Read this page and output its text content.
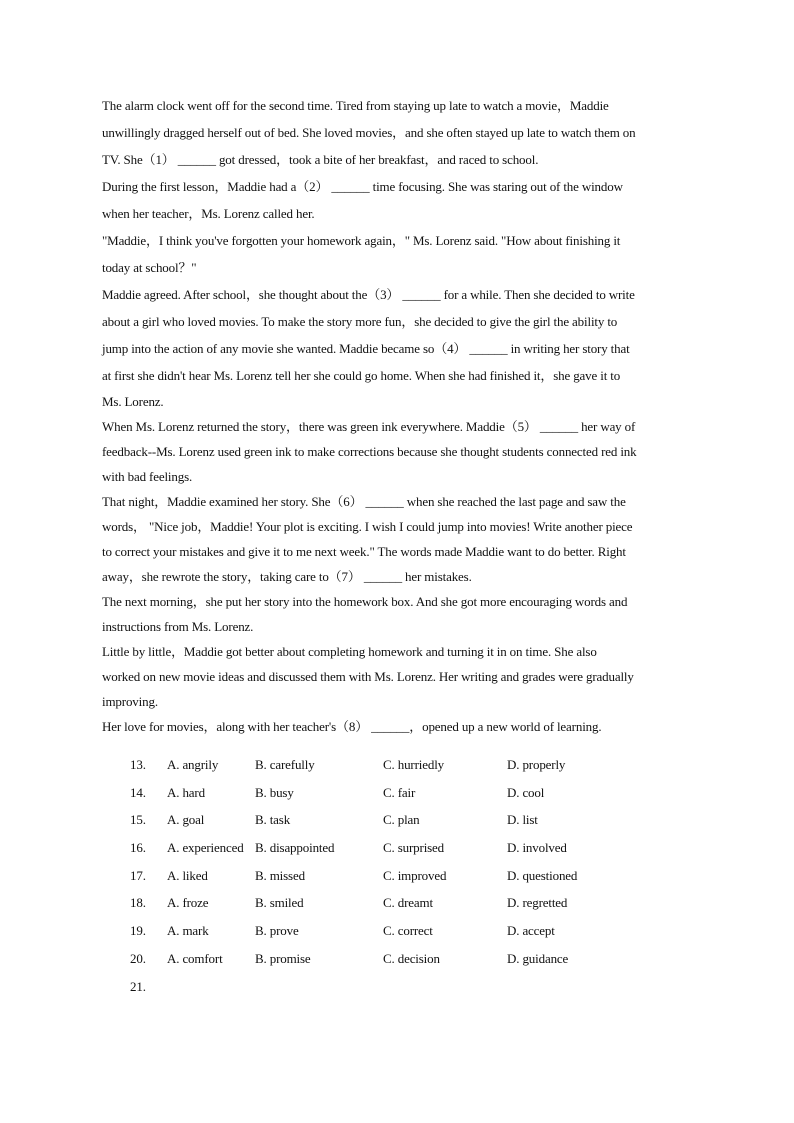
The alarm clock went off for the second time. Tired from staying up late to watch a movie，Maddie
unwillingly dragged herself out of bed. She loved movies，and she often stayed up late to watch them on
TV. She（1） ______ got dressed，took a bite of her breakfast，and raced to school.
During the first lesson，Maddie had a（2） ______ time focusing. She was staring out of the window
when her teacher，Ms. Lorenz called her.
"Maddie，I think you've forgotten your homework again，" Ms. Lorenz said. "How about finishing it
today at school？"
Maddie agreed. After school，she thought about the（3） ______ for a while. Then she decided to write
about a girl who loved movies. To make the story more fun，she decided to give the girl the ability to
jump into the action of any movie she wanted. Maddie became so（4） ______ in writing her story that
at first she didn't hear Ms. Lorenz tell her she could go home. When she had finished it，she gave it to
Ms. Lorenz.
When Ms. Lorenz returned the story，there was green ink everywhere. Maddie（5） ______ her way of
feedback--Ms. Lorenz used green ink to make corrections because she thought students connected red ink
with bad feelings.
That night，Maddie examined her story. She（6） ______ when she reached the last page and saw the
words， "Nice job，Maddie! Your plot is exciting. I wish I could jump into movies! Write another piece
to correct your mistakes and give it to me next week." The words made Maddie want to do better. Right
away，she rewrote the story，taking care to（7） ______ her mistakes.
The next morning，she put her story into the homework box. And she got more encouraging words and
instructions from Ms. Lorenz.
Little by little，Maddie got better about completing homework and turning it in on time. She also
worked on new movie ideas and discussed them with Ms. Lorenz. Her writing and grades were gradually
improving.
Her love for movies，along with her teacher's（8） ______，opened up a new world of learning.
13. A. angrily	B. carefully	C. hurriedly	D. properly
14. A. hard	B. busy	C. fair	D. cool
15. A. goal	B. task	C. plan	D. list
16. A. experienced B. disappointed	C. surprised	D. involved
17. A. liked	B. missed	C. improved	D. questioned
18. A. froze	B. smiled	C. dreamt	D. regretted
19. A. mark	B. prove	C. correct	D. accept
20. A. comfort B. promise	C. decision	D. guidance
21.
